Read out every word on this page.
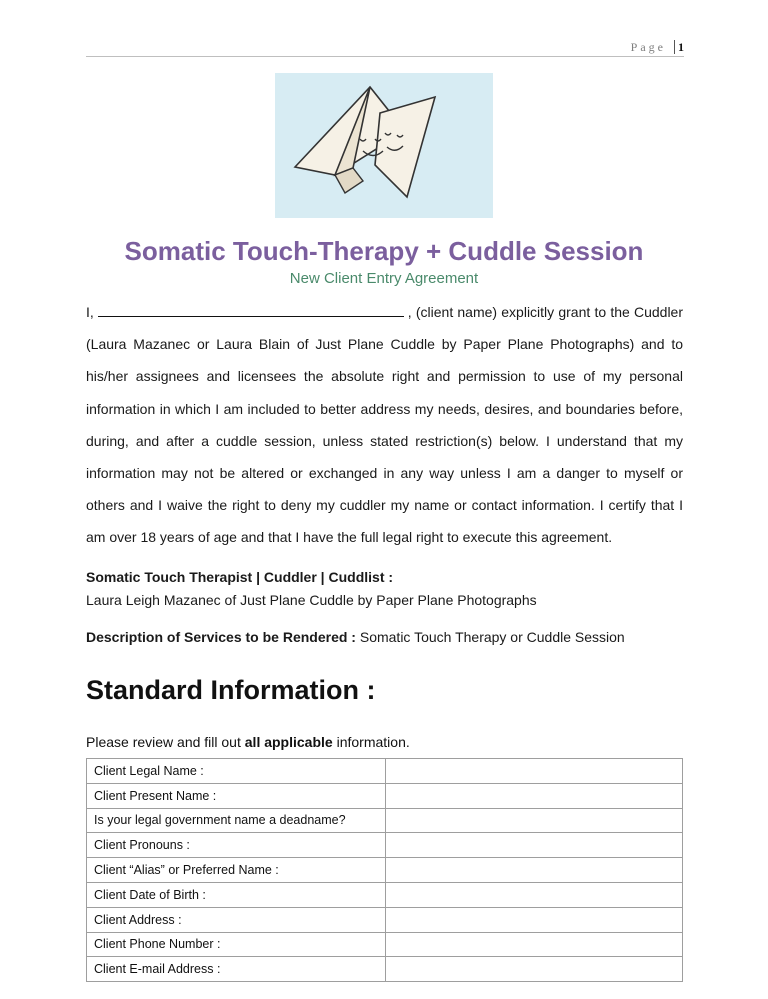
Page 1
Somatic Touch-Therapy + Cuddle Session
New Client Entry Agreement
I,	, (client name) explicitly grant to the Cuddler (Laura Mazanec or Laura Blain of Just Plane Cuddle by Paper Plane Photographs) and to his/her assignees and licensees the absolute right and permission to use of my personal information in which I am included to better address my needs, desires, and boundaries before, during, and after a cuddle session, unless stated restriction(s) below. I understand that my information may not be altered or exchanged in any way unless I am a danger to myself or others and I waive the right to deny my cuddler my name or contact information. I certify that I am over 18 years of age and that I have the full legal right to execute this agreement.
Somatic Touch Therapist | Cuddler | Cuddlist :
Laura Leigh Mazanec of Just Plane Cuddle by Paper Plane Photographs
Description of Services to be Rendered : Somatic Touch Therapy or Cuddle Session
Standard Information :
Please review and fill out all applicable information.
Client Legal Name :	
Client Present Name :	
Is your legal government name a deadname?	
Client Pronouns :	
Client “Alias” or Preferred Name :	
Client Date of Birth :	
Client Address :	
Client Phone Number :	
Client E-mail Address :	
